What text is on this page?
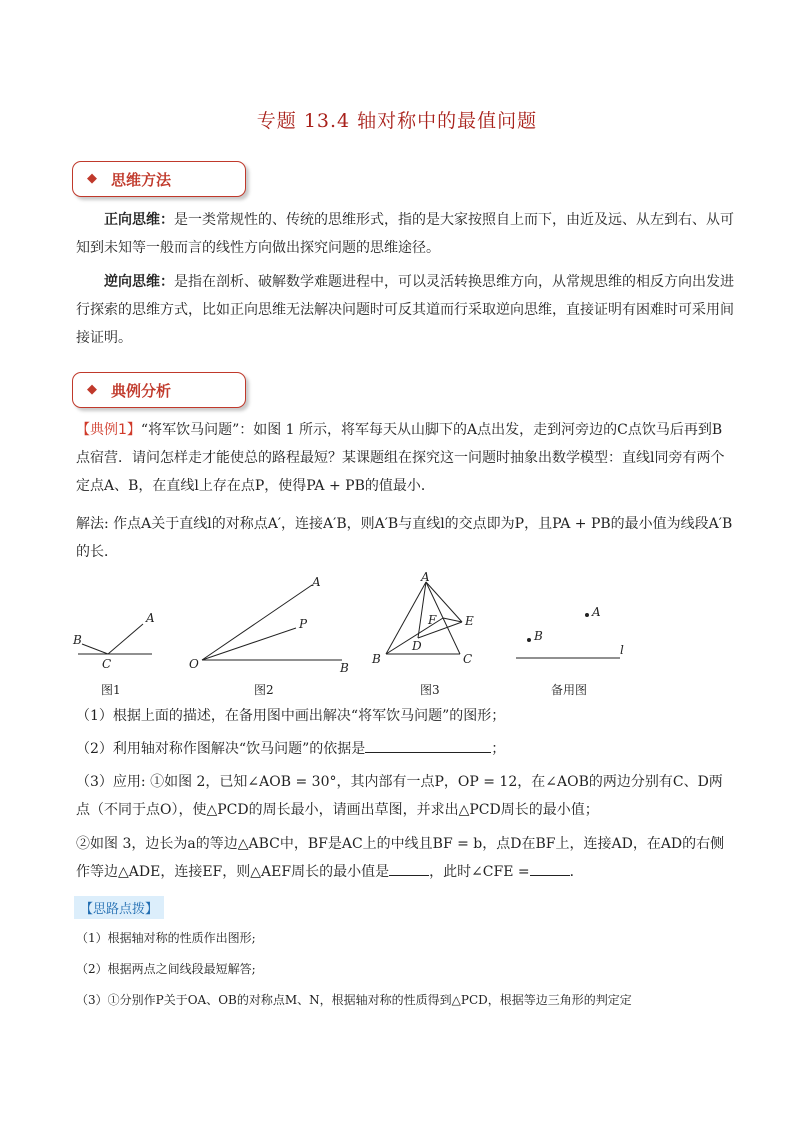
专题 13.4 轴对称中的最值问题
◆ 思维方法
正向思维：是一类常规性的、传统的思维形式，指的是大家按照自上而下，由近及远、从左到右、从可知到未知等一般而言的线性方向做出探究问题的思维途径。
逆向思维：是指在剖析、破解数学难题进程中，可以灵活转换思维方向，从常规思维的相反方向出发进行探索的思维方式，比如正向思维无法解决问题时可反其道而行采取逆向思维，直接证明有困难时可采用间接证明。
◆ 典例分析
【典例1】“将军饮马问题”：如图 1 所示，将军每天从山脚下的A点出发，走到河旁边的C点饮马后再到B点宿营．请问怎样走才能使总的路程最短？某课题组在探究这一问题时抽象出数学模型：直线l同旁有两个定点A、B，在直线l上存在点P，使得PA + PB的值最小．
解法: 作点A关于直线l的对称点A′，连接A′B，则A′B与直线l的交点即为P，且PA + PB的最小值为线段A′B的长．
A
B
C
A
P
O	B
A
E
F
D
B	C
A
B
l
图1	图2	图3	备用图
（1）根据上面的描述，在备用图中画出解决“将军饮马问题”的图形；
（2）利用轴对称作图解决“饮马问题”的依据是	；
（3）应用: ①如图 2，已知∠AOB = 30°，其内部有一点P，OP = 12，在∠AOB的两边分别有C、D两点（不同于点O），使△PCD的周长最小，请画出草图，并求出△PCD周长的最小值；
②如图 3，边长为a的等边△ABC中，BF是AC上的中线且BF = b，点D在BF上，连接AD，在AD的右侧作等边△ADE，连接EF，则△AEF周长的最小值是	，此时∠CFE =	．
【思路点拨】
（1）根据轴对称的性质作出图形;
（2）根据两点之间线段最短解答;
（3）①分别作P关于OA、OB的对称点M、N，根据轴对称的性质得到△PCD，根据等边三角形的判定定
